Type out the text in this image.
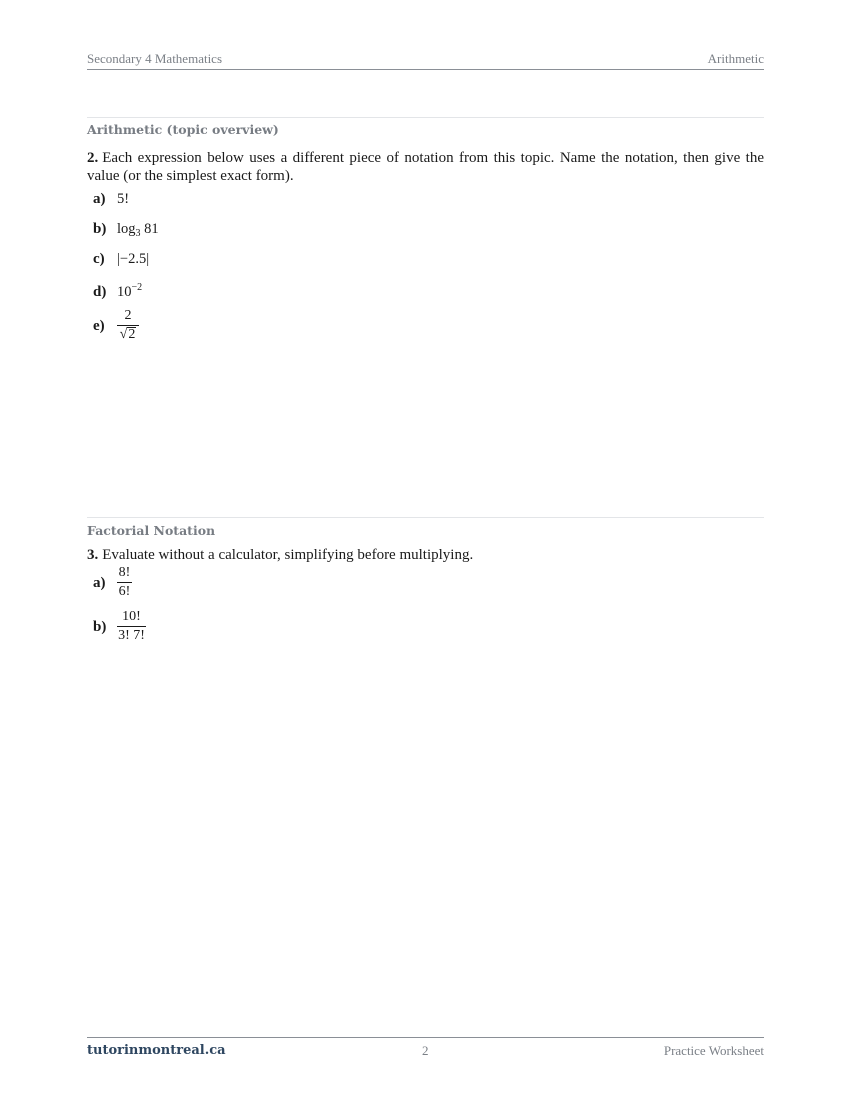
Secondary 4 Mathematics	Arithmetic
Arithmetic (topic overview)
2. Each expression below uses a different piece of notation from this topic. Name the notation, then give the value (or the simplest exact form).
a) 5!
b) $\log_3 81$
c) |−2.5|
d) $10^{-2}$
e)
2
√2
Factorial Notation
3. Evaluate without a calculator, simplifying before multiplying.
a)
8!
6!
b)
10!
3! 7!
tutorinmontreal.ca	2	Practice Worksheet
